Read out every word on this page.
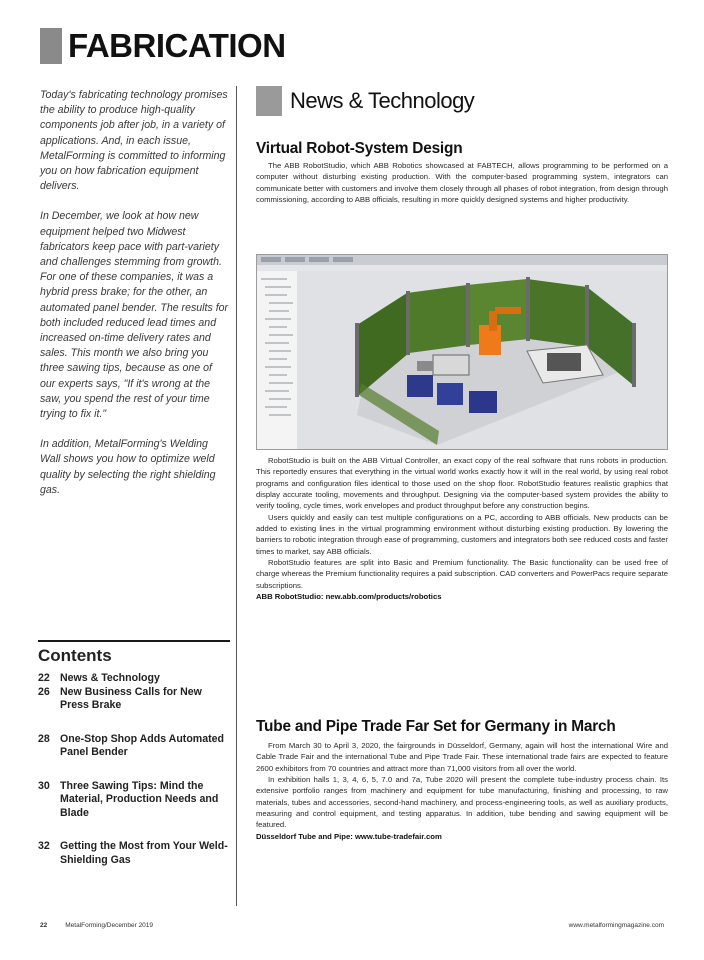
FABRICATION

Today's fabricating technology promises the ability to produce high-quality components job after job, in a variety of applications. And, in each issue, MetalForming is committed to informing you on how fabrication equipment delivers.

In December, we look at how new equipment helped two Midwest fabricators keep pace with part-variety and challenges stemming from growth. For one of these companies, it was a hybrid press brake; for the other, an automated panel bender. The results for both included reduced lead times and increased on-time delivery rates and sales. This month we also bring you three sawing tips, because as one of our experts says, "If it's wrong at the saw, you spend the rest of your time trying to fix it."

In addition, MetalForming's Welding Wall shows you how to optimize weld quality by selecting the right shielding gas.

Contents
22 News & Technology
26 New Business Calls for New Press Brake
28 One-Stop Shop Adds Automated Panel Bender
30 Three Sawing Tips: Mind the Material, Production Needs and Blade
32 Getting the Most from Your Weld-Shielding Gas
News & Technology
Virtual Robot-System Design

The ABB RobotStudio, which ABB Robotics showcased at FABTECH, allows programming to be performed on a computer without disturbing existing production. With the computer-based programming system, integrators can communicate better with customers and involve them closely through all phases of robot integration, from design through commissioning, according to ABB officials, resulting in more quickly designed systems and higher productivity.

RobotStudio is built on the ABB Virtual Controller, an exact copy of the real software that runs robots in production. This reportedly ensures that everything in the virtual world works exactly how it will in the real world, by using real robot programs and configuration files identical to those used on the shop floor. RobotStudio features realistic graphics that display accurate tooling, movements and throughput. Designing via the computer-based system provides the ability to verify tooling, cycle times, work envelopes and product throughput before any construction begins.

Users quickly and easily can test multiple configurations on a PC, according to ABB officials. New products can be added to existing lines in the virtual programming environment without disturbing existing production. By lowering the barriers to robotic integration through ease of programming, customers and integrators both see reduced costs and faster times to market, say ABB officials.

RobotStudio features are split into Basic and Premium functionality. The Basic functionality can be used free of charge whereas the Premium functionality requires a paid subscription. CAD converters and PowerPacs require separate subscriptions.

ABB RobotStudio: new.abb.com/products/robotics

Tube and Pipe Trade Far Set for Germany in March

From March 30 to April 3, 2020, the fairgrounds in Düsseldorf, Germany, again will host the international Wire and Cable Trade Fair and the international Tube and Pipe Trade Fair. These international trade fairs are expected to feature 2600 exhibitors from 70 countries and attract more than 71,000 visitors from all over the world.

In exhibition halls 1, 3, 4, 6, 5, 7.0 and 7a, Tube 2020 will present the complete tube-industry process chain. Its extensive portfolio ranges from machinery and equipment for tube manufacturing, finishing and processing, to raw materials, tubes and accessories, second-hand machinery, and process-engineering tools, as well as auxiliary products, measuring and control equipment, and testing apparatus. In addition, tube bending and sawing equipment will be featured.

Düsseldorf Tube and Pipe: www.tube-tradefair.com

22	MetalForming/December 2019	www.metalformingmagazine.com
